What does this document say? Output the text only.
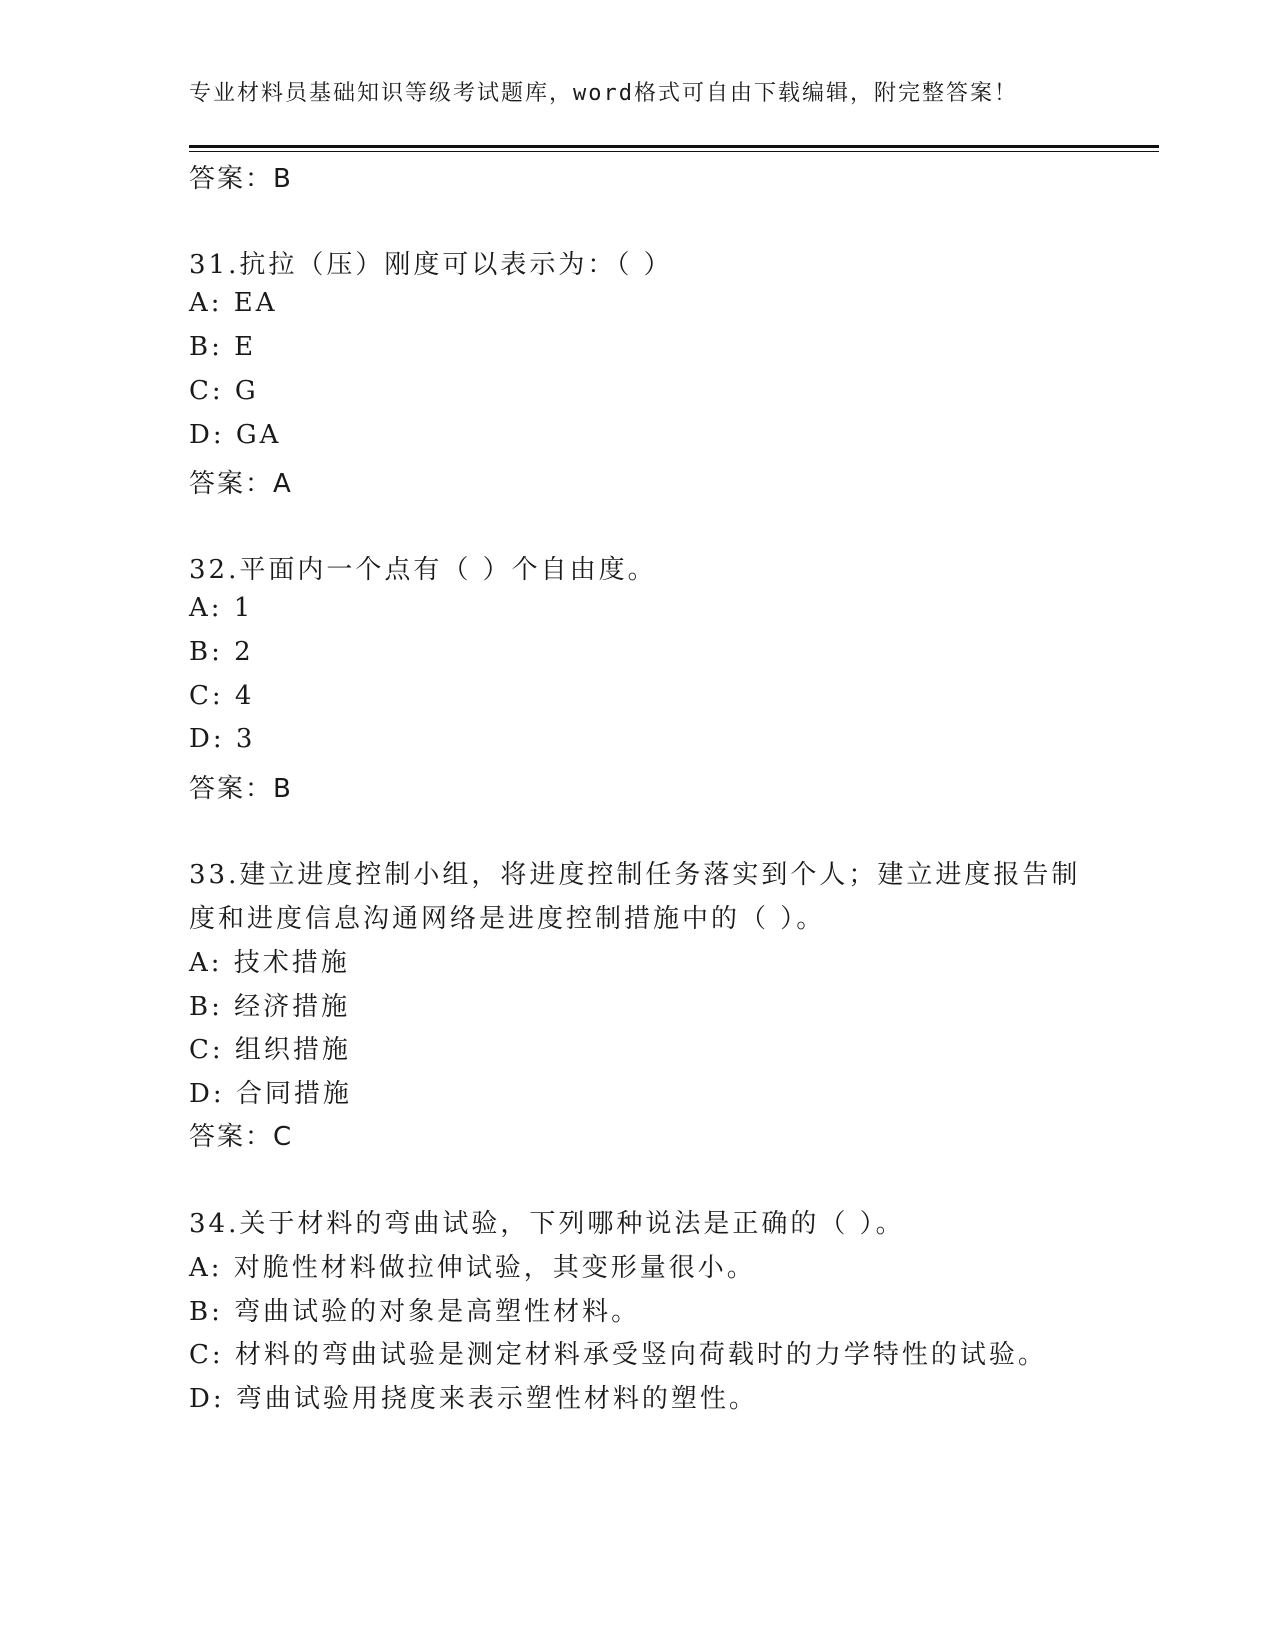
专业材料员基础知识等级考试题库，word格式可自由下载编辑，附完整答案！
答案：B
31.抗拉（压）刚度可以表示为：（ ）
A: EA
B: E
C: G
D: GA
答案：A
32.平面内一个点有（ ）个自由度。
A: 1
B: 2
C: 4
D: 3
答案：B
33.建立进度控制小组，将进度控制任务落实到个人；建立进度报告制
度和进度信息沟通网络是进度控制措施中的（ ）。
A: 技术措施
B: 经济措施
C: 组织措施
D: 合同措施
答案：C
34.关于材料的弯曲试验，下列哪种说法是正确的（ ）。
A: 对脆性材料做拉伸试验，其变形量很小。
B: 弯曲试验的对象是高塑性材料。
C: 材料的弯曲试验是测定材料承受竖向荷载时的力学特性的试验。
D: 弯曲试验用挠度来表示塑性材料的塑性。
